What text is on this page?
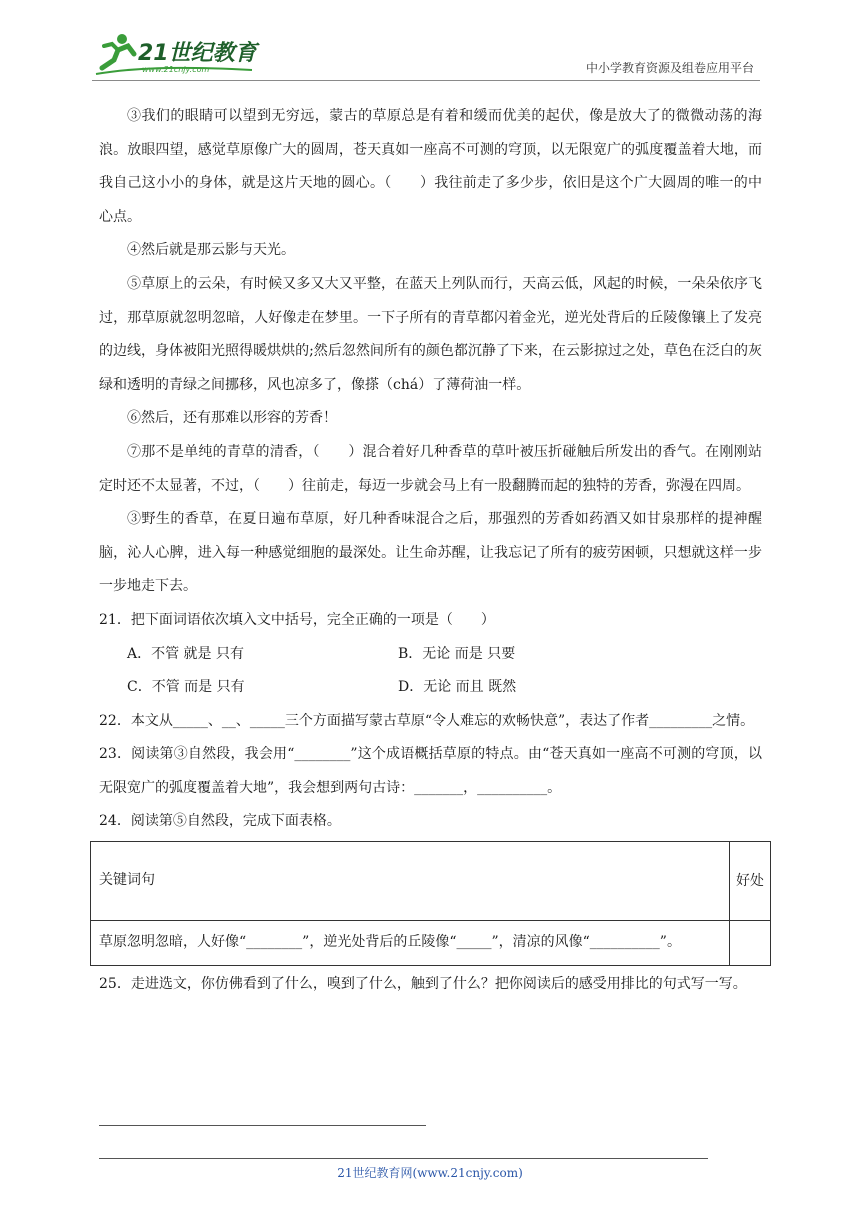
21世纪教育
www.21cnjy.com	中小学教育资源及组卷应用平台

③我们的眼睛可以望到无穷远，蒙古的草原总是有着和缓而优美的起伏，像是放大了的微微动荡的海浪。放眼四望，感觉草原像广大的圆周，苍天真如一座高不可测的穹顶，以无限宽广的弧度覆盖着大地，而我自己这小小的身体，就是这片天地的圆心。（　　）我往前走了多少步，依旧是这个广大圆周的唯一的中心点。

④然后就是那云影与天光。

⑤草原上的云朵，有时候又多又大又平整，在蓝天上列队而行，天高云低，风起的时候，一朵朵依序飞过，那草原就忽明忽暗，人好像走在梦里。一下子所有的青草都闪着金光，逆光处背后的丘陵像镶上了发亮的边线，身体被阳光照得暖烘烘的;然后忽然间所有的颜色都沉静了下来，在云影掠过之处，草色在泛白的灰绿和透明的青绿之间挪移，风也凉多了，像搽（chá）了薄荷油一样。

⑥然后，还有那难以形容的芳香！

⑦那不是单纯的青草的清香，（　　）混合着好几种香草的草叶被压折碰触后所发出的香气。在刚刚站定时还不太显著，不过，（　　）往前走，每迈一步就会马上有一股翻腾而起的独特的芳香，弥漫在四周。

③野生的香草，在夏日遍布草原，好几种香味混合之后，那强烈的芳香如药酒又如甘泉那样的提神醒脑，沁人心脾，进入每一种感觉细胞的最深处。让生命苏醒，让我忘记了所有的疲劳困顿，只想就这样一步一步地走下去。

21．把下面词语依次填入文中括号，完全正确的一项是（　　）

A．不管 就是 只有	B．无论 而是 只要

C．不管 而是 只有	D．无论 而且 既然

22．本文从_____、__、_____三个方面描写蒙古草原“令人难忘的欢畅快意”，表达了作者_________之情。

23．阅读第③自然段，我会用“________”这个成语概括草原的特点。由“苍天真如一座高不可测的穹顶，以无限宽广的弧度覆盖着大地”，我会想到两句古诗：_______，__________。

24．阅读第⑤自然段，完成下面表格。

关键词句	好处
草原忽明忽暗，人好像“________”，逆光处背后的丘陵像“_____”，清凉的风像“__________”。	

25．走进选文，你仿佛看到了什么，嗅到了什么，触到了什么？把你阅读后的感受用排比的句式写一写。

21世纪教育网(www.21cnjy.com)
